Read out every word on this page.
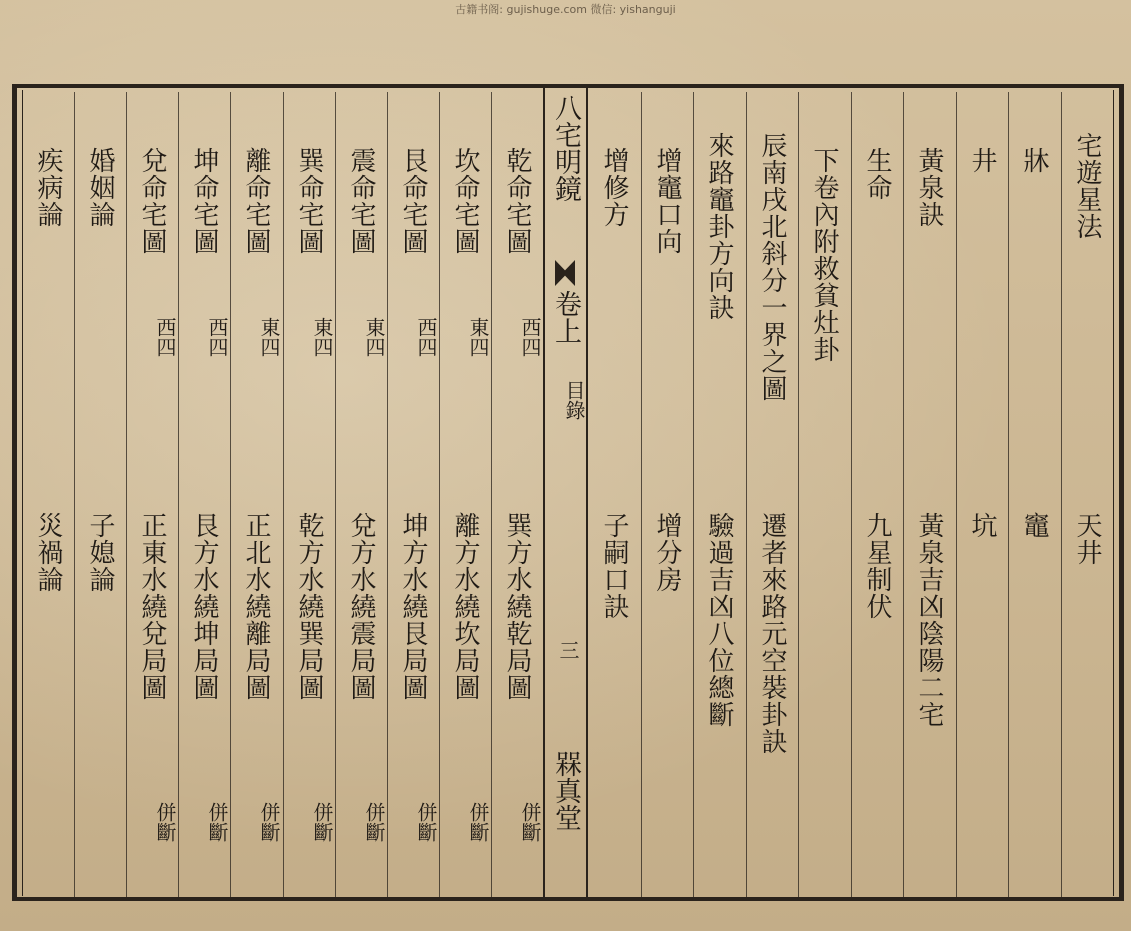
古籍书阁: gujishuge.com 微信: yishanguji
八宅明鏡
卷上
目錄
三
槑真堂
宅遊星法
天井
牀
竈
井
坑
黃泉訣
黃泉吉凶陰陽二宅
生命
九星制伏
下卷內附救貧灶卦
辰南戌北斜分一界之圖
遷者來路元空裝卦訣
來路竈卦方向訣
驗過吉凶八位總斷
增竈口向
增分房
增修方
子嗣口訣
乾命宅圖
西四
巽方水繞乾局圖
併斷
坎命宅圖
東四
離方水繞坎局圖
併斷
艮命宅圖
西四
坤方水繞艮局圖
併斷
震命宅圖
東四
兌方水繞震局圖
併斷
巽命宅圖
東四
乾方水繞巽局圖
併斷
離命宅圖
東四
正北水繞離局圖
併斷
坤命宅圖
西四
艮方水繞坤局圖
併斷
兌命宅圖
西四
正東水繞兌局圖
併斷
婚姻論
子媳論
疾病論
災禍論
